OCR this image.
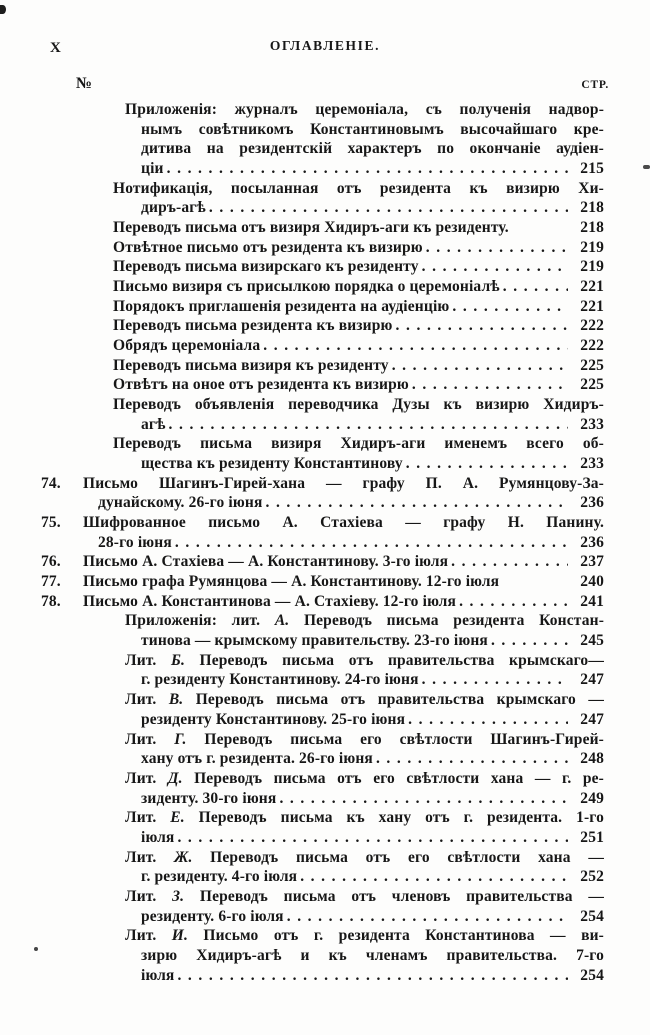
X	ОГЛАВЛЕНІЕ.
№	СТР.
Приложенія: журналъ церемоніала, съ полученія надвор-
нымъ совѣтникомъ Константиновымъ высочайшаго кре-
дитива на резидентскій характеръ по окончаніе аудіен-
ціи .....	215
Нотификація, посыланная отъ резидента къ визирю Хи-
диръ-агѣ .....	218
Переводъ письма отъ визиря Хидиръ-аги къ резиденту.	218
Отвѣтное письмо отъ резидента къ визирю .....	219
Переводъ письма визирскаго къ резиденту .....	219
Письмо визиря съ присылкою порядка о церемоніалѣ .....	221
Порядокъ приглашенія резидента на аудіенцію .....	221
Переводъ письма резидента къ визирю .....	222
Обрядъ церемоніала .....	222
Переводъ письма визиря къ резиденту .....	225
Отвѣтъ на оное отъ резидента къ визирю .....	225
Переводъ объявленія переводчика Дузы къ визирю Хидиръ-
агѣ .....	233
Переводъ письма визиря Хидиръ-аги именемъ всего об-
щества къ резиденту Константинову .....	233
74. Письмо Шагинъ-Гирей-хана — графу П. А. Румянцову-За-
дунайскому. 26-го іюня .....	236
75. Шифрованное письмо А. Стахіева — графу Н. Панину.
28-го іюня .....	236
76.	Письмо А. Стахіева — А. Константинову. 3-го іюля .....	237
77.	Письмо графа Румянцова — А. Константинову. 12-го іюля	240
78.	Письмо А. Константинова — А. Стахіеву. 12-го іюля .....	241
Приложенія: лит. А. Переводъ письма резидента Констан-
тинова — крымскому правительству. 23-го іюня .....	245
Лит. Б. Переводъ письма отъ правительства крымскаго—
г. резиденту Константинову. 24-го іюня .....	247
Лит. В. Переводъ письма отъ правительства крымскаго —
резиденту Константинову. 25-го іюня .....	247
Лит. Г. Переводъ письма его свѣтлости Шагинъ-Гирей-
хану отъ г. резидента. 26-го іюня .....	248
Лит. Д. Переводъ письма отъ его свѣтлости хана — г. ре-
зиденту. 30-го іюня .....	249
Лит. Е. Переводъ письма къ хану отъ г. резидента. 1-го
іюля .....	251
Лит. Ж. Переводъ письма отъ его свѣтлости хана —
г. резиденту. 4-го іюля .....	252
Лит. З. Переводъ письма отъ членовъ правительства —
резиденту. 6-го іюля .....	254
Лит. И. Письмо отъ г. резидента Константинова — ви-
зирю Хидиръ-агѣ и къ членамъ правительства. 7-го
іюля .....	254
